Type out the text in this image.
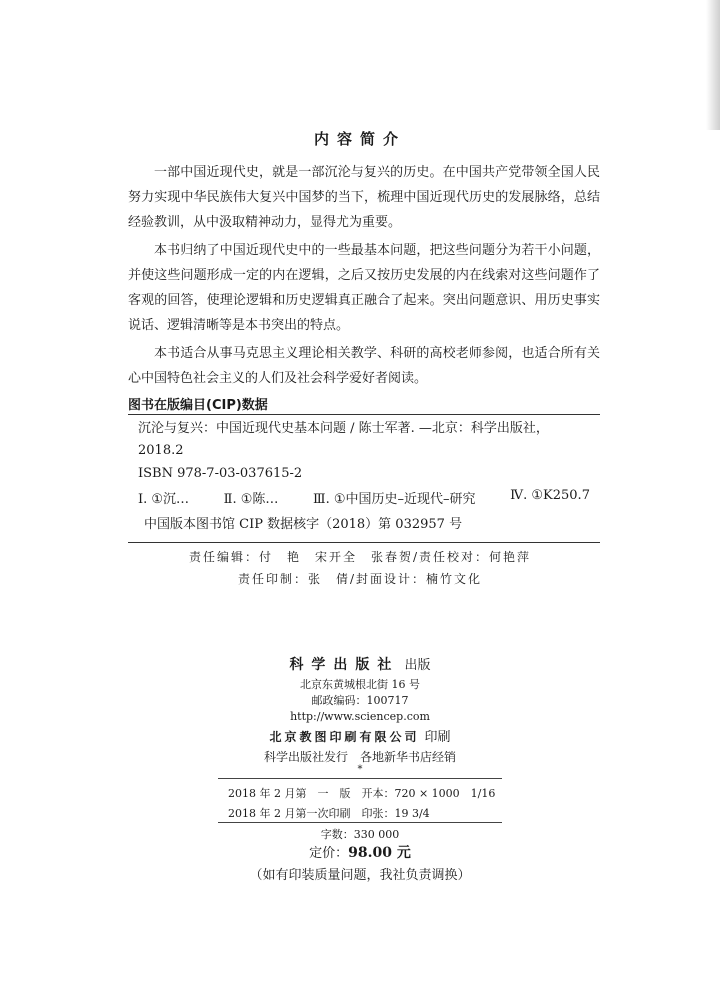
内容简介

一部中国近现代史，就是一部沉沦与复兴的历史。在中国共产党带领全国人民努力实现中华民族伟大复兴中国梦的当下，梳理中国近现代历史的发展脉络，总结经验教训，从中汲取精神动力，显得尤为重要。

本书归纳了中国近现代史中的一些最基本问题，把这些问题分为若干小问题，并使这些问题形成一定的内在逻辑，之后又按历史发展的内在线索对这些问题作了客观的回答，使理论逻辑和历史逻辑真正融合了起来。突出问题意识、用历史事实说话、逻辑清晰等是本书突出的特点。

本书适合从事马克思主义理论相关教学、科研的高校老师参阅，也适合所有关心中国特色社会主义的人们及社会科学爱好者阅读。

图书在版编目(CIP)数据
沉沦与复兴：中国近现代史基本问题 / 陈士军著. —北京：科学出版社，2018.2
ISBN 978-7-03-037615-2
Ⅰ. ①沉…	Ⅱ. ①陈…	Ⅲ. ①中国历史–近现代–研究	Ⅳ. ①K250.7
中国版本图书馆 CIP 数据核字（2018）第 032957 号
责任编辑：付　艳　宋开全　张春贺/责任校对：何艳萍
责任印制：张　倩/封面设计：楠竹文化
科学出版社 出版
北京东黄城根北街 16 号
邮政编码：100717
http://www.sciencep.com
北京教图印刷有限公司 印刷
科学出版社发行　各地新华书店经销
*
2018 年 2 月第　一　版　开本：720 × 1000　1/16
2018 年 2 月第一次印刷　印张：19 3/4
字数：330 000
定价：98.00 元
（如有印装质量问题，我社负责调换）
